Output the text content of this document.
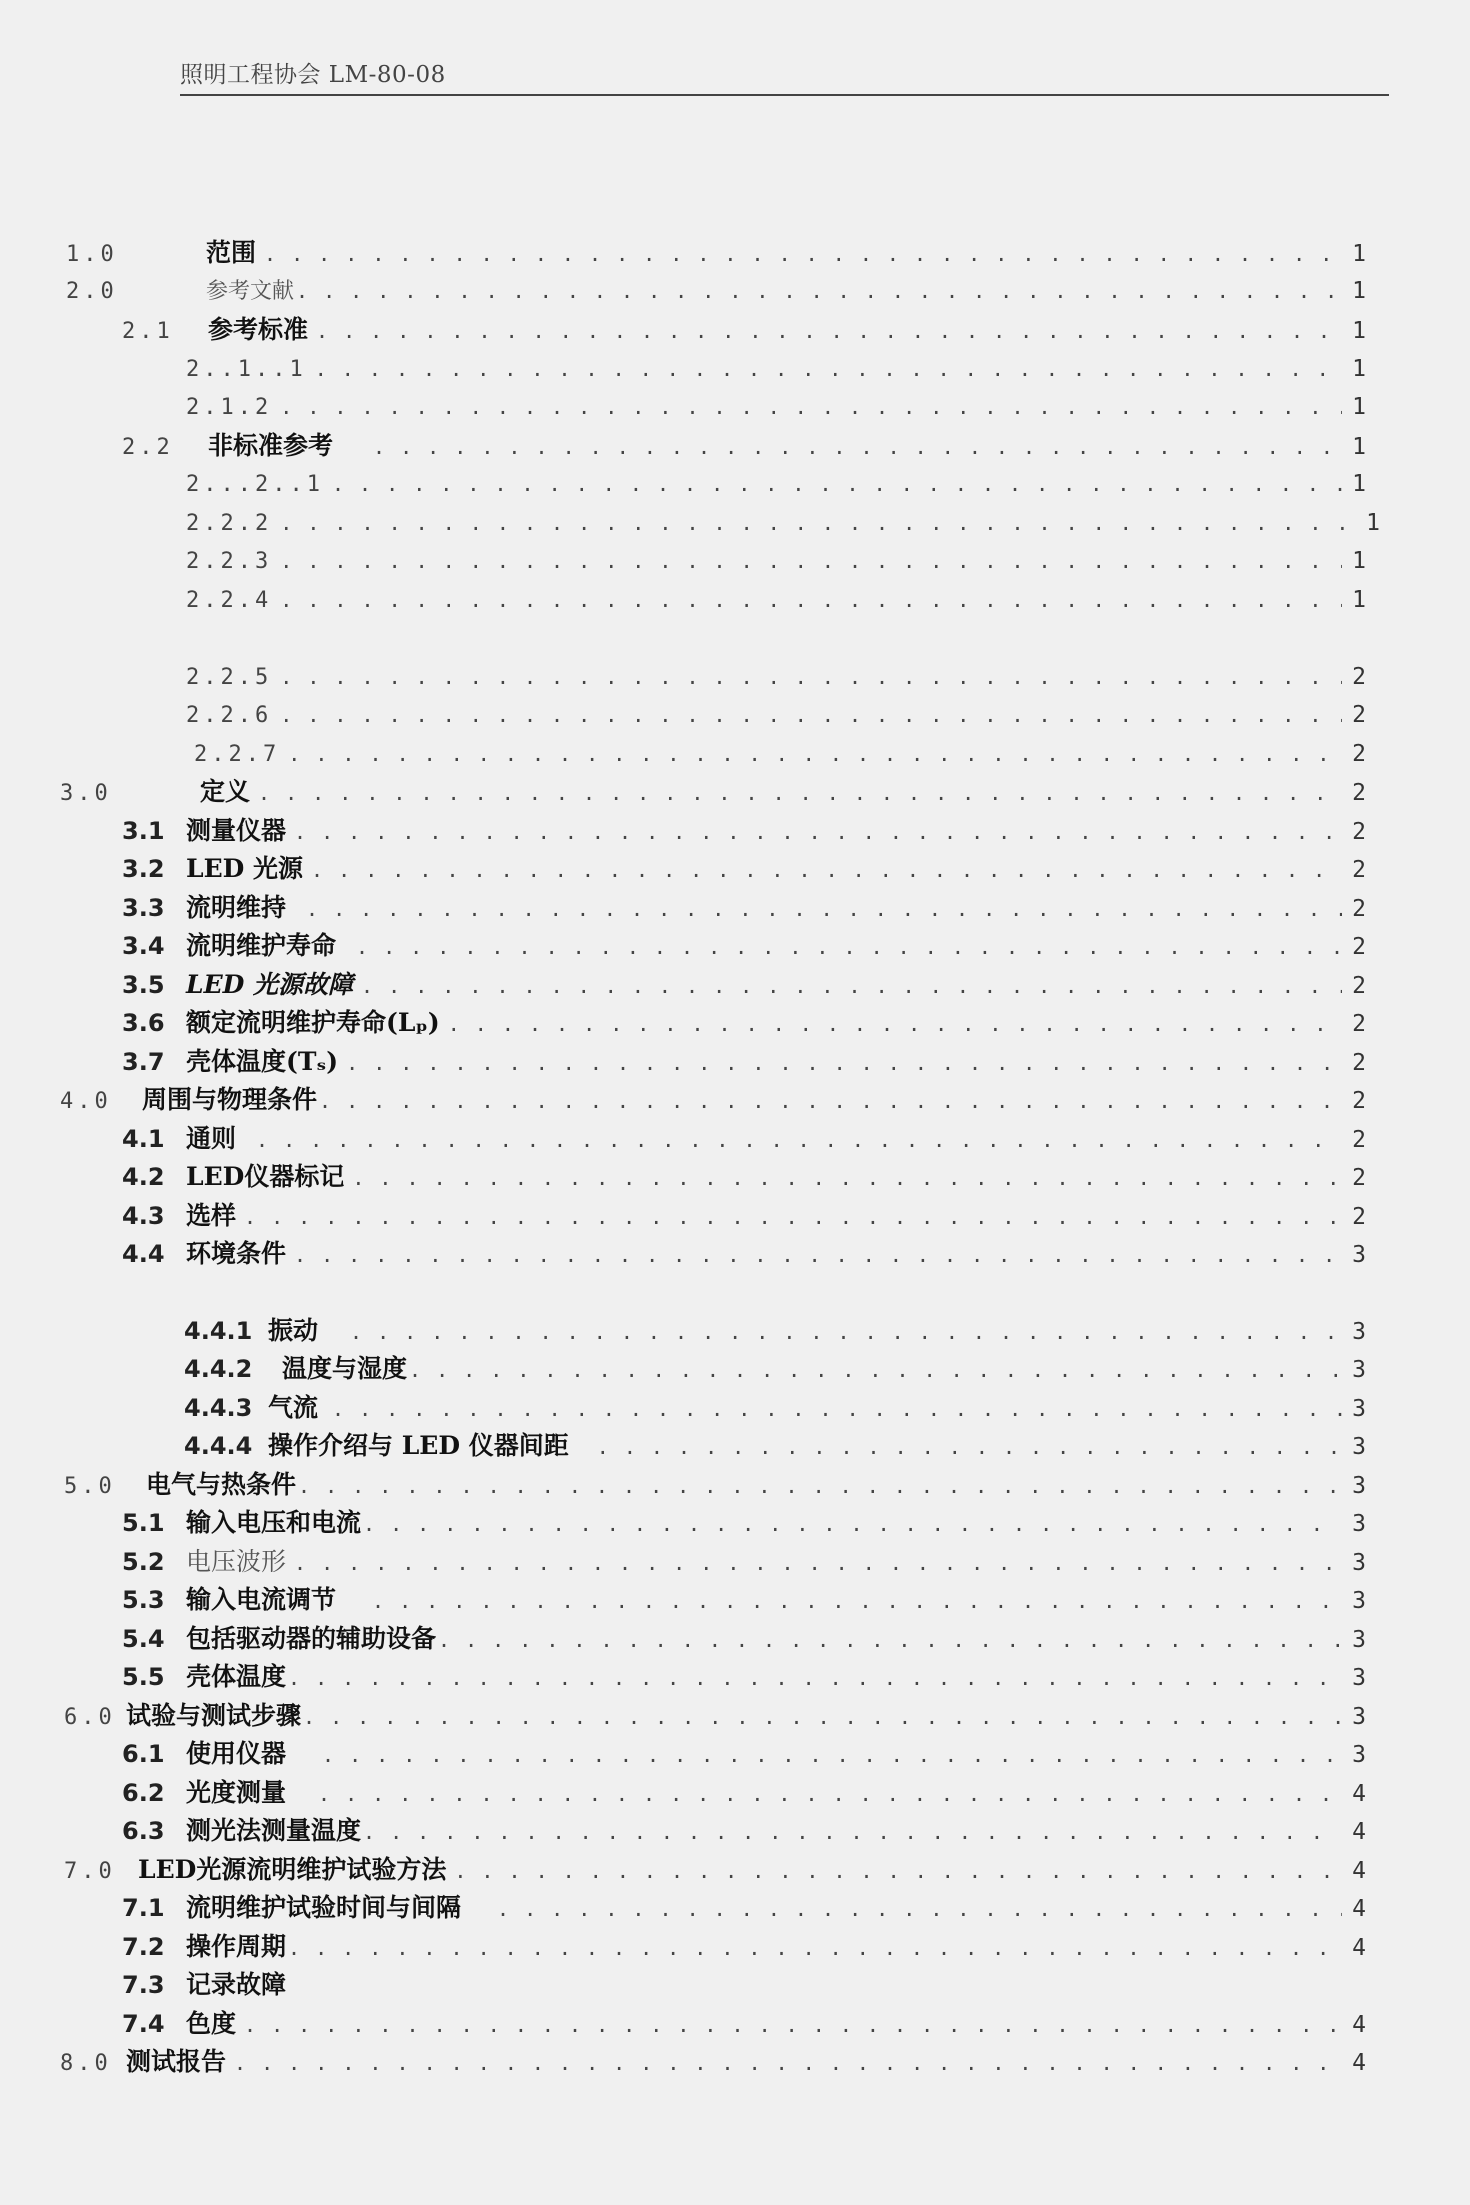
照明工程协会 LM-80-08
1.0	范围 . . .	1
2.0	参考文献 . . .	1
2.1 参考标准 . . .	1
2..1..1 . . .	1
2.1.2 . . .	1
2.2 非标准参考 . . .	1
2...2..1 . . .	1
2.2.2 . . .	1
2.2.3 . . .	1
2.2.4 . . .	1
2.2.5 . . .	2
2.2.6 . . .	2
2.2.7 . . .	2
3.0	定义 . . .	2
3.1 测量仪器 . . .	2
3.2 LED 光源 . . .	2
3.3 流明维持 . . .	2
3.4 流明维护寿命 . . .	2
3.5 LED 光源故障 . . .	2
3.6 额定流明维护寿命(Lₚ) . . .	2
3.7 壳体温度(Tₛ) . . .	2
4.0	周围与物理条件 . . .	2
4.1 通则 . . .	2
4.2 LED仪器标记 . . .	2
4.3 选样 . . .	2
4.4 环境条件 . . .	3
4.4.1 振动 . . .	3
4.4.2	温度与湿度 . . .	3
4.4.3 气流 . . .	3
4.4.4 操作介绍与 LED 仪器间距 . . .	3
5.0	电气与热条件 . . .	3
5.1 输入电压和电流 . . .	3
5.2 电压波形 . . .	3
5.3 输入电流调节 . . .	3
5.4 包括驱动器的辅助设备 . . .	3
5.5 壳体温度 . . .	3
6.0 试验与测试步骤 . . .	3
6.1 使用仪器 . . .	3
6.2 光度测量 . . .	4
6.3 测光法测量温度 . . .	4
7.0 LED光源流明维护试验方法 . . .	4
7.1 流明维护试验时间与间隔 . . .	4
7.2 操作周期 . . .	4
7.3 记录故障
7.4 色度 . . .	4
8.0 测试报告 . . .	4
